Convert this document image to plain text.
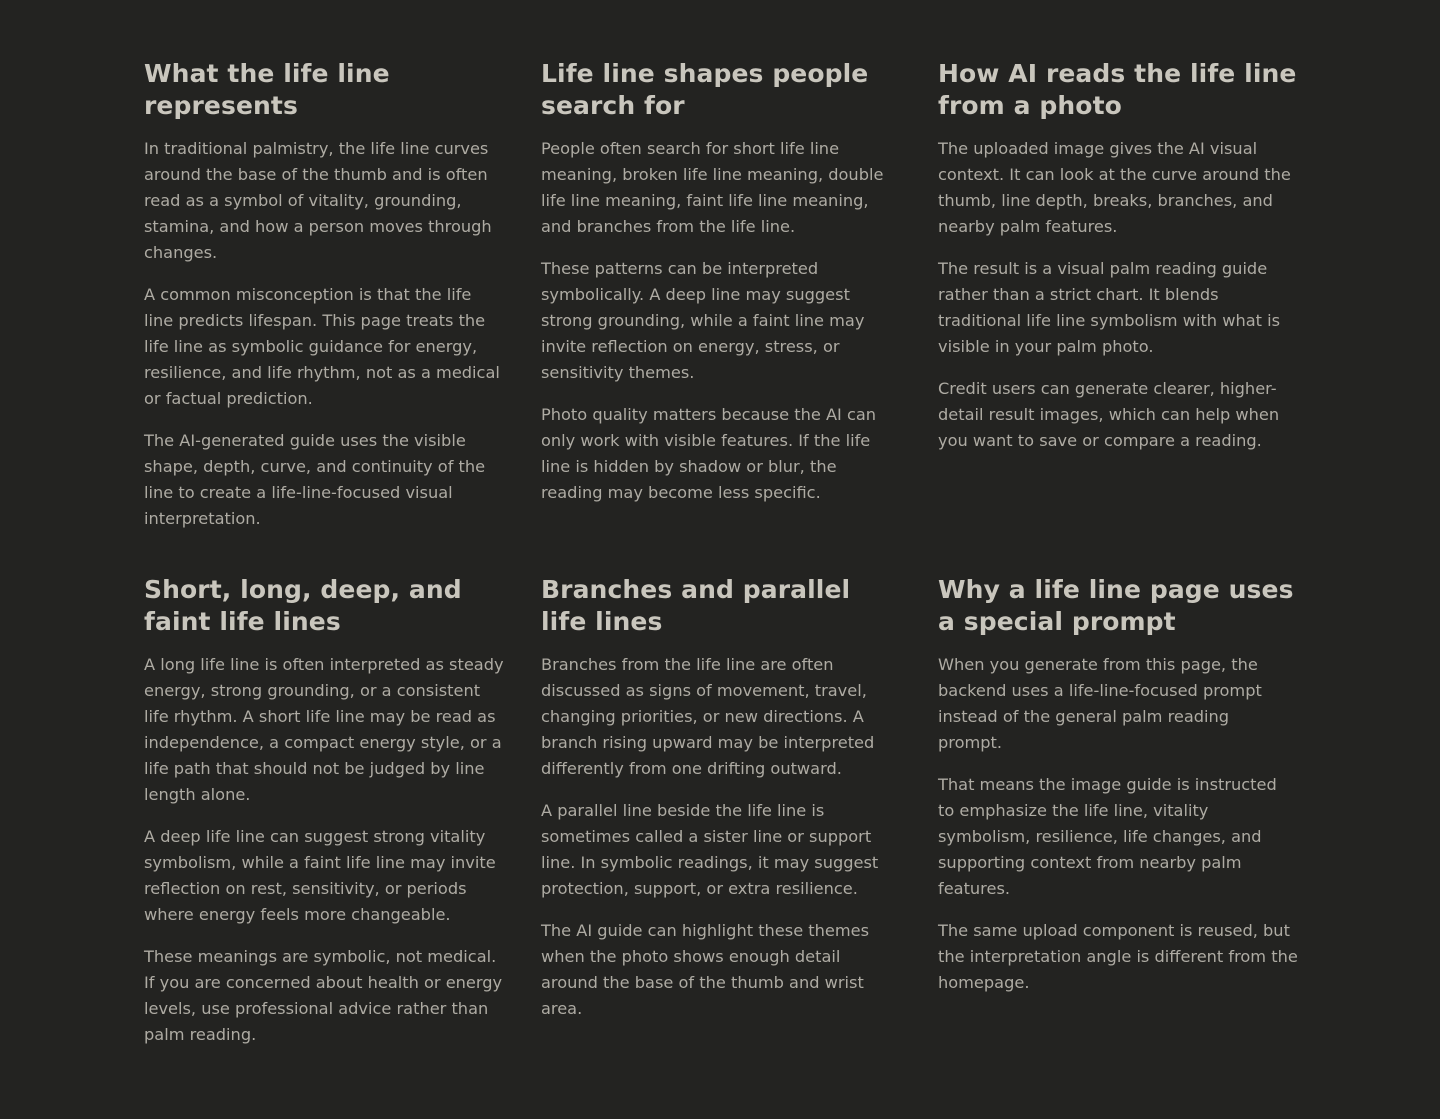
What the life line represents

In traditional palmistry, the life line curves around the base of the thumb and is often read as a symbol of vitality, grounding, stamina, and how a person moves through changes.

A common misconception is that the life line predicts lifespan. This page treats the life line as symbolic guidance for energy, resilience, and life rhythm, not as a medical or factual prediction.

The AI-generated guide uses the visible shape, depth, curve, and continuity of the line to create a life-line-focused visual interpretation.

Life line shapes people search for

People often search for short life line meaning, broken life line meaning, double life line meaning, faint life line meaning, and branches from the life line.

These patterns can be interpreted symbolically. A deep line may suggest strong grounding, while a faint line may invite reflection on energy, stress, or sensitivity themes.

Photo quality matters because the AI can only work with visible features. If the life line is hidden by shadow or blur, the reading may become less specific.

How AI reads the life line from a photo

The uploaded image gives the AI visual context. It can look at the curve around the thumb, line depth, breaks, branches, and nearby palm features.

The result is a visual palm reading guide rather than a strict chart. It blends traditional life line symbolism with what is visible in your palm photo.

Credit users can generate clearer, higher-detail result images, which can help when you want to save or compare a reading.

Short, long, deep, and faint life lines

A long life line is often interpreted as steady energy, strong grounding, or a consistent life rhythm. A short life line may be read as independence, a compact energy style, or a life path that should not be judged by line length alone.

A deep life line can suggest strong vitality symbolism, while a faint life line may invite reflection on rest, sensitivity, or periods where energy feels more changeable.

These meanings are symbolic, not medical. If you are concerned about health or energy levels, use professional advice rather than palm reading.

Branches and parallel life lines

Branches from the life line are often discussed as signs of movement, travel, changing priorities, or new directions. A branch rising upward may be interpreted differently from one drifting outward.

A parallel line beside the life line is sometimes called a sister line or support line. In symbolic readings, it may suggest protection, support, or extra resilience.

The AI guide can highlight these themes when the photo shows enough detail around the base of the thumb and wrist area.

Why a life line page uses a special prompt

When you generate from this page, the backend uses a life-line-focused prompt instead of the general palm reading prompt.

That means the image guide is instructed to emphasize the life line, vitality symbolism, resilience, life changes, and supporting context from nearby palm features.

The same upload component is reused, but the interpretation angle is different from the homepage.
